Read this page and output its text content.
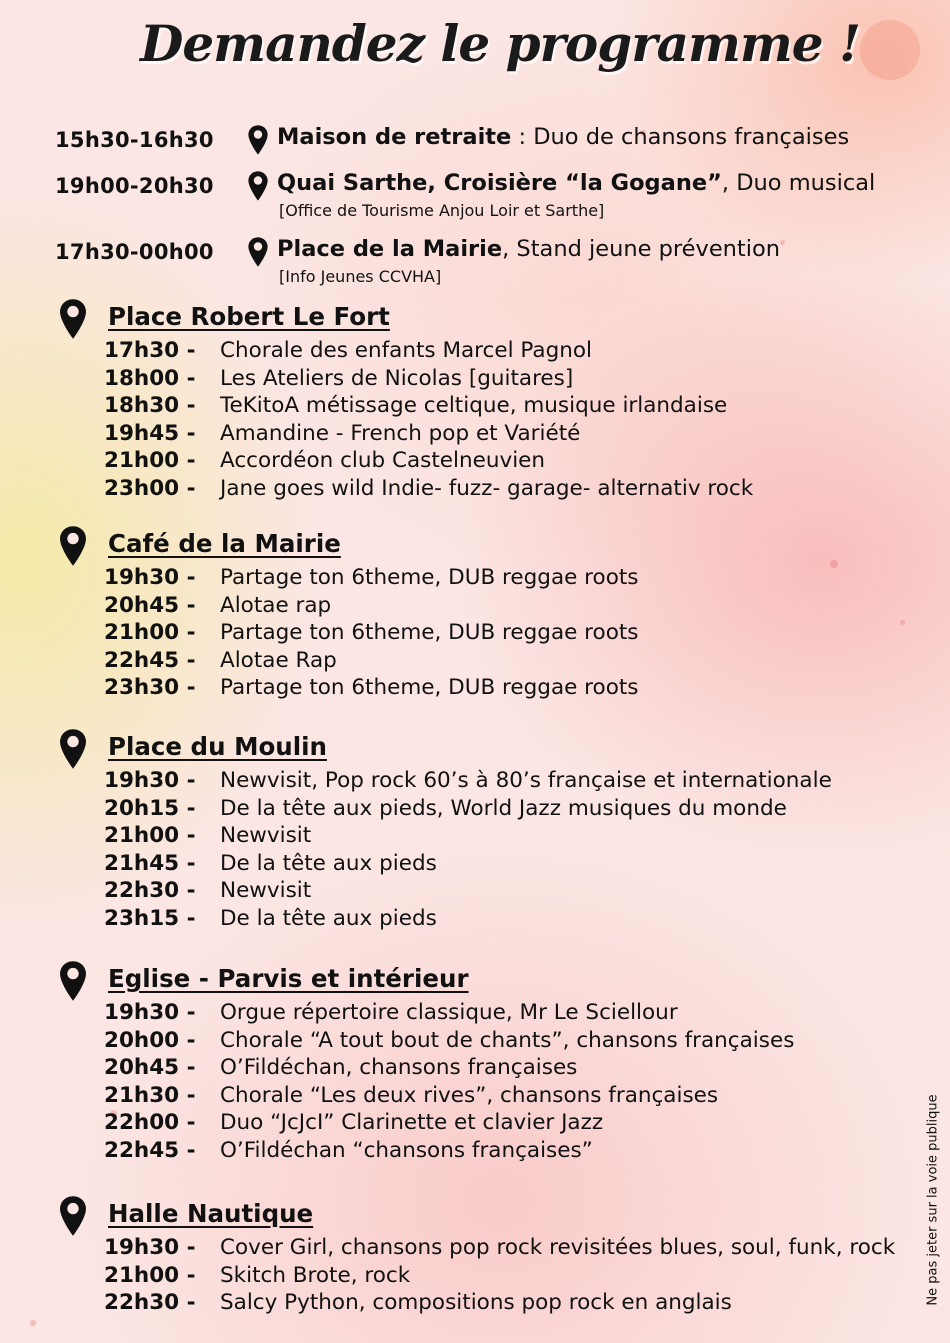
Demandez le programme !
15h30-16h30	Maison de retraite : Duo de chansons françaises
19h00-20h30	Quai Sarthe, Croisière “la Gogane”, Duo musical
[Office de Tourisme Anjou Loir et Sarthe]
17h30-00h00	Place de la Mairie, Stand jeune prévention
[Info Jeunes CCVHA]
Place Robert Le Fort
17h30 - Chorale des enfants Marcel Pagnol
18h00 - Les Ateliers de Nicolas [guitares]
18h30 - TeKitoA métissage celtique, musique irlandaise
19h45 - Amandine - French pop et Variété
21h00 - Accordéon club Castelneuvien
23h00 - Jane goes wild Indie- fuzz- garage- alternativ rock
Café de la Mairie
19h30 - Partage ton 6theme, DUB reggae roots
20h45 - Alotae rap
21h00 - Partage ton 6theme, DUB reggae roots
22h45 - Alotae Rap
23h30 - Partage ton 6theme, DUB reggae roots
Place du Moulin
19h30 - Newvisit, Pop rock 60’s à 80’s française et internationale
20h15 - De la tête aux pieds, World Jazz musiques du monde
21h00 - Newvisit
21h45 - De la tête aux pieds
22h30 - Newvisit
23h15 - De la tête aux pieds
Eglise - Parvis et intérieur
19h30 - Orgue répertoire classique, Mr Le Sciellour
20h00 - Chorale “A tout bout de chants”, chansons françaises
20h45 - O’Fildéchan, chansons françaises
21h30 - Chorale “Les deux rives”, chansons françaises
22h00 - Duo “JcJcI” Clarinette et clavier Jazz
22h45 - O’Fildéchan “chansons françaises”
Halle Nautique
19h30 - Cover Girl, chansons pop rock revisitées blues, soul, funk, rock
21h00 - Skitch Brote, rock
22h30 - Salcy Python, compositions pop rock en anglais	Ne pas jeter sur la voie publique
